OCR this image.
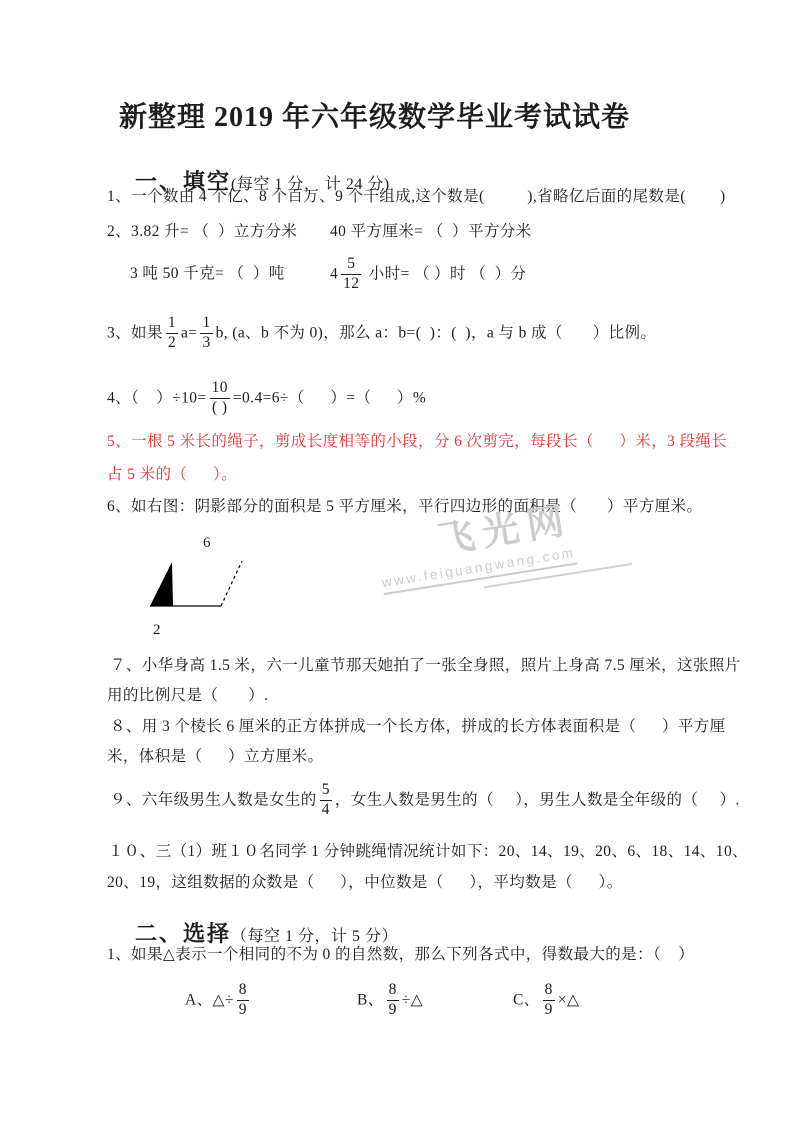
新整理 2019 年六年级数学毕业考试试卷

一、填空(每空 1 分， 计 24 分)

1、一个数由 4 个亿、8 个百万、9 个千组成,这个数是(          ),省略亿后面的尾数是(        )
2、3.82 升= （  ）立方分米 40 平方厘米= （  ）平方分米
3 吨 50 千克= （  ）吨	$4 \frac{5}{12}$ 小时= （ ）时 （  ）分
3、如果 $\frac{1}{2} a= \frac{1}{3} b$, (a、b 不为 0)，那么 a：b=(  )：(  )，a 与 b 成（       ）比例。
4、（    ）$\div 10= \frac{10}{( )} =0.4=6\div$（      ）=（      ）%
5、一根 5 米长的绳子，剪成长度相等的小段，分 6 次剪完，每段长（      ）米，3 段绳长
占 5 米的（      ）。
6、如右图：阴影部分的面积是 5 平方厘米，平行四边形的面积是（       ）平方厘米。
6
2
飞光网
www.feiguangwang.com
７、小华身高 1.5 米，六一儿童节那天她拍了一张全身照，照片上身高 7.5 厘米，这张照片
用的比例尺是（       ）.
８、用 3 个棱长 6 厘米的正方体拼成一个长方体，拼成的长方体表面积是（      ）平方厘
米，体积是（      ）立方厘米。
９、六年级男生人数是女生的 $\frac{5}{4}$ ，女生人数是男生的（     ），男生人数是全年级的（     ）.
１０、三（1）班１０名同学 1 分钟跳绳情况统计如下：20、14、19、20、6、18、14、10、
20、19，这组数据的众数是（      ），中位数是（      ），平均数是（      ）。

二、选择（每空 1 分，计 5 分）

1、如果△表示一个相同的不为 0 的自然数，那么下列各式中，得数最大的是：（    ）
A、△÷ $\frac{8}{9}$	B、 $\frac{8}{9}$ ÷△	C、 $\frac{8}{9}$ ×△
